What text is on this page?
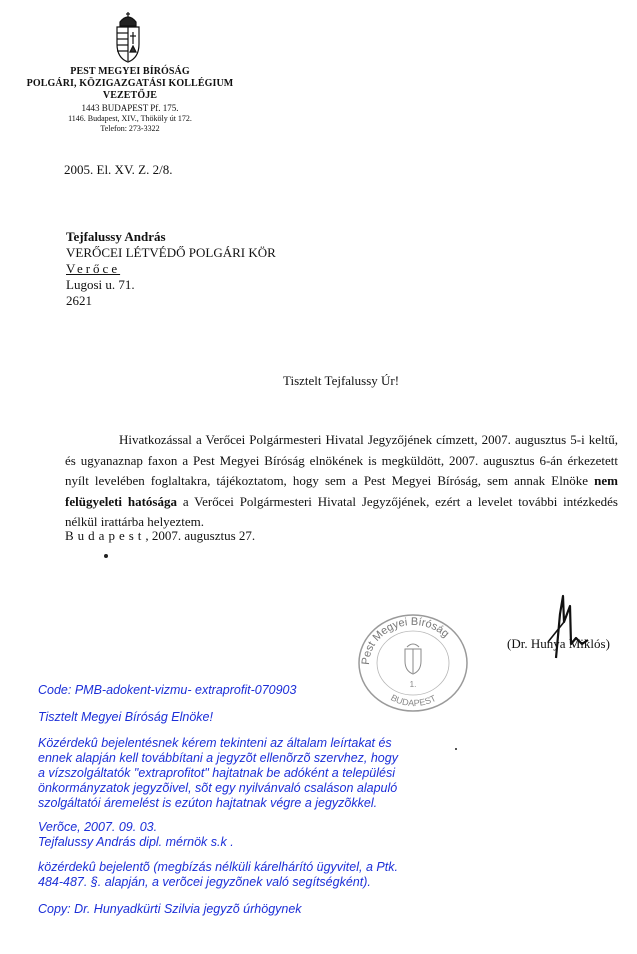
PEST MEGYEI BÍRÓSÁG
POLGÁRI, KÖZIGAZGATÁSI KOLLÉGIUM
VEZETŐJE
1443 BUDAPEST Pf. 175.
1146. Budapest, XIV., Thököly út 172.
Telefon: 273-3322
2005. El. XV. Z. 2/8.
Tejfalussy András
VERŐCEI LÉTVÉDŐ POLGÁRI KÖR
Verőce
Lugosi u. 71.
2621
Tisztelt Tejfalussy Úr!
Hivatkozással a Verőcei Polgármesteri Hivatal Jegyzőjének címzett, 2007. augusztus 5-i keltű, és ugyanaznap faxon a Pest Megyei Bíróság elnökének is megküldött, 2007. augusztus 6-án érkezetett nyílt levelében foglaltakra, tájékoztatom, hogy sem a Pest Megyei Bíróság, sem annak Elnöke nem felügyeleti hatósága a Verőcei Polgármesteri Hivatal Jegyzőjének, ezért a levelet további intézkedés nélkül irattárba helyeztem.
Budapest, 2007. augusztus 27.
Pest Megyei Bíróság
BUDAPEST
1.
(Dr. Hunya Miklós)
Code: PMB-adokent-vizmu- extraprofit-070903
Tisztelt Megyei Bíróság Elnöke!
Közérdekû bejelentésnek kérem tekinteni az általam leírtakat és
ennek alapján kell továbbítani a jegyzõt ellenõrzõ szervhez, hogy
a vízszolgáltatók "extraprofitot" hajtatnak be adóként a települési
önkormányzatok jegyzõivel, sõt egy nyilvánvaló csaláson alapuló
szolgáltatói áremelést is ezúton hajtatnak végre a jegyzõkkel.
Verõce, 2007. 09. 03.
Tejfalussy András dipl. mérnök s.k .
közérdekû bejelentõ (megbízás nélküli kárelhárító ügyvitel, a Ptk.
484-487. §. alapján, a verõcei jegyzõnek való segítségként).
Copy: Dr. Hunyadkürti Szilvia jegyzõ úrhögynek
